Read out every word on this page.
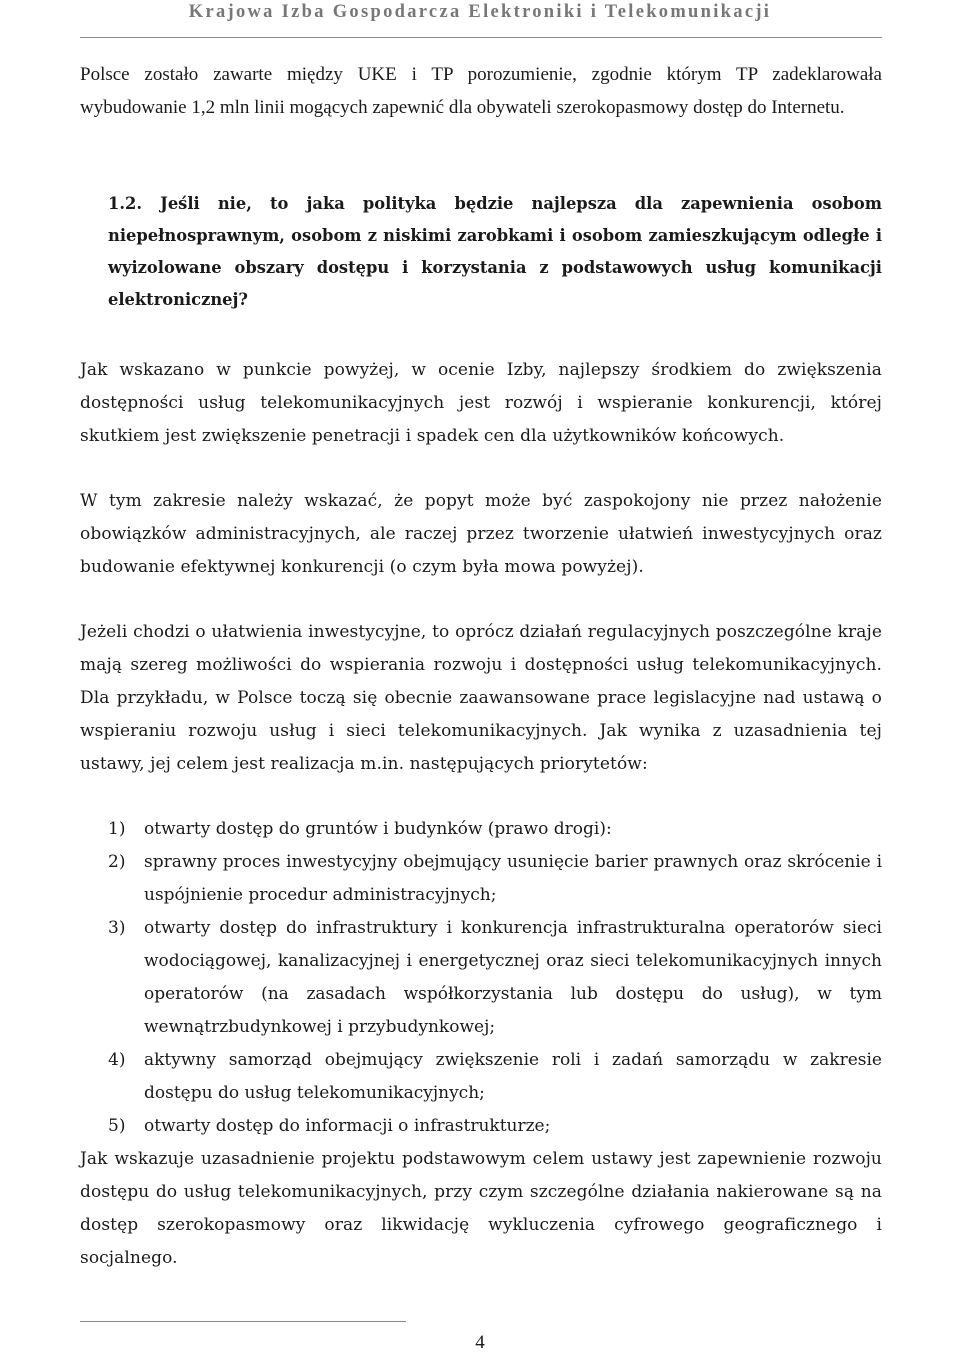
Krajowa Izba Gospodarcza Elektroniki i Telekomunikacji
Polsce zostało zawarte między UKE i TP porozumienie, zgodnie którym TP zadeklarowała wybudowanie 1,2 mln linii mogących zapewnić dla obywateli szerokopasmowy dostęp do Internetu.
1.2. Jeśli nie, to jaka polityka będzie najlepsza dla zapewnienia osobom niepełnosprawnym, osobom z niskimi zarobkami i osobom zamieszkującym odległe i wyizolowane obszary dostępu i korzystania z podstawowych usług komunikacji elektronicznej?
Jak wskazano w punkcie powyżej, w ocenie Izby, najlepszy środkiem do zwiększenia dostępności usług telekomunikacyjnych jest rozwój i wspieranie konkurencji, której skutkiem jest zwiększenie penetracji i spadek cen dla użytkowników końcowych.
W tym zakresie należy wskazać, że popyt może być zaspokojony nie przez nałożenie obowiązków administracyjnych, ale raczej przez tworzenie ułatwień inwestycyjnych oraz budowanie efektywnej konkurencji (o czym była mowa powyżej).
Jeżeli chodzi o ułatwienia inwestycyjne, to oprócz działań regulacyjnych poszczególne kraje mają szereg możliwości do wspierania rozwoju i dostępności usług telekomunikacyjnych. Dla przykładu, w Polsce toczą się obecnie zaawansowane prace legislacyjne nad ustawą o wspieraniu rozwoju usług i sieci telekomunikacyjnych. Jak wynika z uzasadnienia tej ustawy, jej celem jest realizacja m.in. następujących priorytetów:
1) otwarty dostęp do gruntów i budynków (prawo drogi):
2) sprawny proces inwestycyjny obejmujący usunięcie barier prawnych oraz skrócenie i uspójnienie procedur administracyjnych;
3) otwarty dostęp do infrastruktury i konkurencja infrastrukturalna operatorów sieci wodociągowej, kanalizacyjnej i energetycznej oraz sieci telekomunikacyjnych innych operatorów (na zasadach współkorzystania lub dostępu do usług), w tym wewnątrzbudynkowej i przybudynkowej;
4) aktywny samorząd obejmujący zwiększenie roli i zadań samorządu w zakresie dostępu do usług telekomunikacyjnych;
5) otwarty dostęp do informacji o infrastrukturze;
Jak wskazuje uzasadnienie projektu podstawowym celem ustawy jest zapewnienie rozwoju dostępu do usług telekomunikacyjnych, przy czym szczególne działania nakierowane są na dostęp szerokopasmowy oraz likwidację wykluczenia cyfrowego geograficznego i socjalnego.
4
